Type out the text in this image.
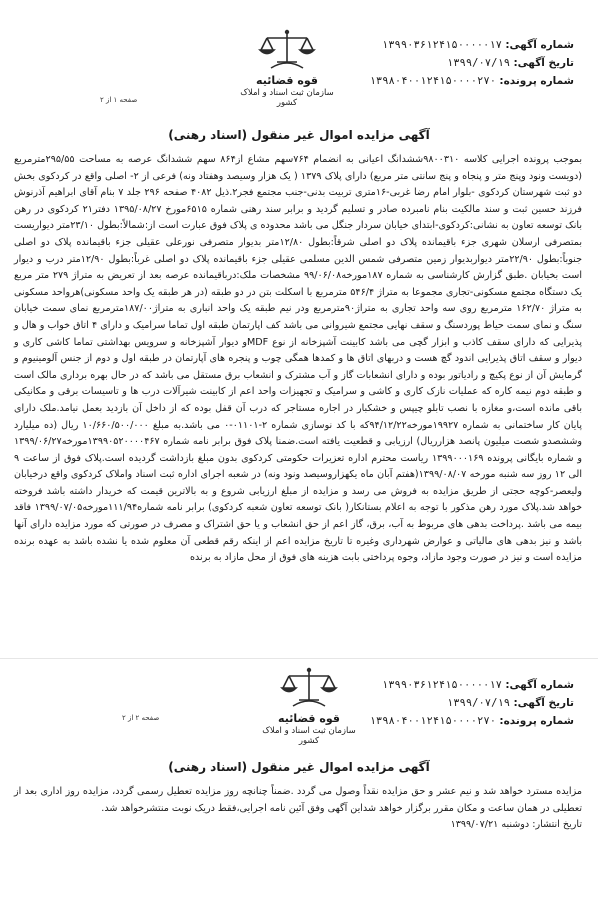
شماره آگهی: ۱۳۹۹۰۳۶۱۲۴۱۵۰۰۰۰۰۱۷
تاریخ آگهی: ۱۳۹۹/۰۷/۱۹
شماره پرونده: ۱۳۹۸۰۴۰۰۱۲۴۱۵۰۰۰۰۲۷۰
قوه قضائیه
سازمان ثبت اسناد و املاک کشور
صفحه ۱ از ۲
آگهی مزایده اموال غیر منقول (اسناد رهنی)
بموجب پرونده اجرایی کلاسه ۹۸۰۰۳۱۰ششدانگ اعیانی به انضمام ۷۶۴سهم مشاع از۸۶۴ سهم ششدانگ عرصه به مساحت ۲۹۵/۵۵مترمربع (دویست ونود وپنج متر و پنجاه و پنج سانتی متر مربع) دارای پلاک ۱۳۷۹ ( یک هزار وسیصد وهفتاد ونه) فرعی از ۲- اصلی واقع در کردکوی بخش دو ثبت شهرستان کردکوی -بلوار امام رضا غربی-۱۶متری تربیت بدنی-جنب مجتمع فجر۲.ذیل ۴۰۸۲ صفحه ۲۹۶ جلد ۷ بنام آقای ابراهیم آذرنوش فرزند حسین ثبت و سند مالکیت بنام نامبرده صادر و تسلیم گردید و برابر سند رهنی شماره ۶۵۱۵مورخ ۱۳۹۵/۰۸/۲۷ دفتر۲۱ کردکوی در رهن بانک توسعه تعاون به نشانی:کردکوی-ابتدای خیابان سردار جنگل می باشد محدوده ی پلاک فوق عبارت است از:شمالاً:بطول ۲۳/۱۰متر دیواریست بمتصرفی ارسلان شهری جزء باقیمانده پلاک دو اصلی شرقاً:بطول ۱۲/۸۰متر بدیوار متصرفی نورعلی عقیلی جزء باقیمانده پلاک دو اصلی جنوباً:بطول ۲۲/۹۰متر دیواربدیوار زمین متصرفی شمس الدین مسلمی عقیلی جزء باقیمانده پلاک دو اصلی غرباً:بطول ۱۲/۹۰متر درب و دیوار است بخیابان .طبق گزارش کارشناسی به شماره ۱۸۷مورخه۹۹/۰۶/۰۸ مشخصات ملک:درباقیمانده عرصه بعد از تعریض به متراژ ۲۷۹ متر مربع یک دستگاه مجتمع مسکونی-تجاری مجموعا به متراژ ۵۴۶/۴ مترمربع با اسکلت بتن در دو طبقه (در هر طبقه یک واحد مسکونی)هرواحد مسکونی به متراژ ۱۶۲/۷۰ مترمربع روی سه واحد تجاری به متراژ۹۰مترمربع ودر نیم طبقه یک واحد انباری به متراژ۱۸۷/۰۰مترمربع نمای سمت خیابان سنگ و نمای سمت حیاط پوردسنگ و سقف نهایی مجتمع شیروانی می باشد کف اپارتمان طبقه اول تماما سرامیک و دارای ۴ اتاق خواب و هال و پذیرایی که دارای سقف کاذب و ابزار گچی می باشد کابینت آشپزخانه از نوع MDFو دیوار آشپزخانه و سرویس بهداشتی تماما کاشی کاری و دیوار و سقف اتاق پذیرایی اندود گچ هست و دربهای اتاق ها و کمدها همگی چوب و پنجره های آپارتمان در طبقه اول و دوم از جنس آلومینیوم و گرمایش آن از نوع پکیچ و رادیاتور بوده و دارای انشعابات گاز و آب مشترک و انشعاب برق مستقل می باشد که در حال بهره برداری مالک است و طبقه دوم نیمه کاره که عملیات نازک کاری و کاشی و سرامیک و تجهیزات واحد اعم از کابینت شیرآلات درب ها و تاسیسات برقی و مکانیکی باقی مانده است،و مغازه با نصب تابلو چیپس و خشکبار در اجاره مستاجر که درب آن قفل بوده که از داخل آن بازدید بعمل نیامد.ملک دارای پایان کار ساختمانی به شماره ۱۹۹۲۷مورخه۹۴/۱۲/۲۲که با کد نوسازی شماره ۲-۰۱۱۰۱-۰ می باشد.به مبلغ ۱۰/۶۶۰/۵۰۰/۰۰۰ ریال (ده میلیارد وششصدو شصت میلیون پانصد هزارریال) ارزیابی و قطعیت یافته است.ضمنا پلاک فوق برابر نامه شماره ۱۳۹۹۰۵۲۰۰۰۰۴۶۷مورخه۱۳۹۹/۰۶/۲۷ و شماره بایگانی پرونده ۱۳۹۹۰۰۰۱۶۹ ریاست محترم اداره تعزیرات حکومتی کردکوی بدون مبلغ بازداشت گردیده است.پلاک فوق از ساعت ۹ الی ۱۲ روز سه شنبه مورخه ۱۳۹۹/۰۸/۰۷(هفتم آبان ماه یکهزاروسیصد ونود ونه) در شعبه اجرای اداره ثبت اسناد واملاک کردکوی واقع درخیابان ولیعصر-کوچه حجتی از طریق مزایده به فروش می رسد و مزایده از مبلغ ارزیابی شروع و به بالاترین قیمت که خریدار داشته باشد فروخته خواهد شد.پلاک مورد رهن مذکور با توجه به اعلام بستانکار( بانک توسعه تعاون شعبه کردکوی) برابر نامه شماره۱۱۱/۹۴مورخه۱۳۹۹/۰۷/۰۵ فاقد بیمه می باشد .پرداخت بدهی های مربوط به آب، برق، گاز اعم از حق انشعاب و یا حق اشتراک و مصرف در صورتی که مورد مزایده دارای آنها باشد و نیز بدهی های مالیاتی و عوارض شهرداری وغیره تا تاریخ مزایده اعم از اینکه رقم قطعی آن معلوم شده یا نشده باشد به عهده برنده مزایده است و نیز در صورت وجود مازاد، وجوه پرداختی بابت هزینه های فوق از محل مازاد به برنده
شماره آگهی: ۱۳۹۹۰۳۶۱۲۴۱۵۰۰۰۰۰۱۷
تاریخ آگهی: ۱۳۹۹/۰۷/۱۹
شماره پرونده: ۱۳۹۸۰۴۰۰۱۲۴۱۵۰۰۰۰۲۷۰
قوه قضائیه
سازمان ثبت اسناد و املاک کشور
صفحه ۲ از ۲
آگهی مزایده اموال غیر منقول (اسناد رهنی)
مزایده مسترد خواهد شد و نیم عشر و حق مزایده نقداً وصول می گردد .ضمناً چنانچه روز مزایده تعطیل رسمی گردد، مزایده روز اداری بعد از تعطیلی در همان ساعت و مکان مقرر برگزار خواهد شداین آگهی وفق آئین نامه اجرایی،فقط دریک نوبت منتشرخواهد شد.
تاریخ انتشار: دوشنبه ۱۳۹۹/۰۷/۲۱
